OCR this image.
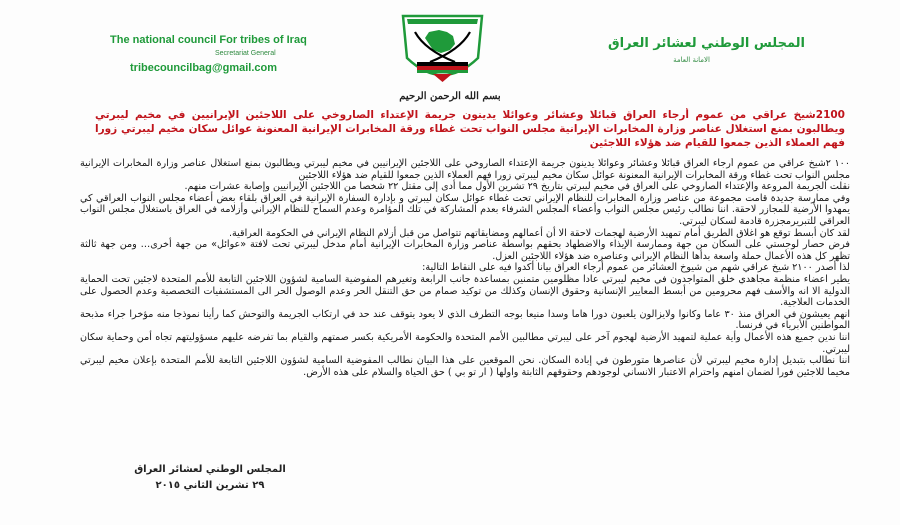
The national council For tribes of Iraq
Secretariat General
tribecouncilbag@gmail.com
المجلس الوطني لعشائر العراق
الامانة العامة
بسم الله الرحمن الرحيم
2100شيخ عراقي من عموم أرجاء العراق قبائلا وعشائر وعوائلا يدينون جريمة الإعتداء الصاروخي على اللاجئين الإيرانيين في مخيم ليبرتي ويطالبون بمنع استغلال عناصر وزارة المخابرات الإيرانية مجلس النواب تحت غطاء ورقة المخابرات الإيرانية المعنونة عوائل سكان مخيم ليبرتي زورا فهم العملاء الذين جمعوا للقيام ضد هؤلاء اللاجئين

١٠٠ ٢شيخ عراقي من عموم أرجاء العراق قبائلا وعشائر وعوائلا يدينون جريمة الإعتداء الصاروخي على اللاجئين الإيرانيين في مخيم ليبرتي ويطالبون بمنع استغلال عناصر وزارة المخابرات الإيرانية مجلس النواب تحت غطاء ورقة المخابرات الإيرانية المعنونة عوائل سكان مخيم ليبرتي زورا فهم العملاء الذين جمعوا للقيام ضد هؤلاء اللاجئين

نقلت الجريمة المروعة والإعتداء الصاروخي على العراق في مخيم ليبرتي بتاريخ ٢٩ تشرين الأول مما أدى إلى مقتل ٢٢ شخصا من اللاجئين الإيرانيين وإصابة عشرات منهم.

وفي ممارسة جديدة قامت مجموعة من عناصر وزارة المخابرات للنظام الإيراني تحت غطاء عوائل سكان ليبرتي و بإدارة السفارة الإيرانية في العراق بلقاء بعض أعضاء مجلس النواب العراقي كي يمهدوا الأرضية للمجازر لاحقة. اننا نطالب رئيس مجلس النواب وأعضاء المجلس الشرفاء بعدم المشاركة في تلك المؤامرة وعدم السماح للنظام الإيراني وأزلامه في العراق باستغلال مجلس النواب العراقي للتبريرمجزرة قادمة لسكان ليبرتي.

لقد كان أبسط توقع هو اغلاق الطريق أمام تمهيد الأرضية لهجمات لاحقة الا أن أعمالهم ومضايقاتهم تتواصل من قبل أزلام النظام الإيراني في الحكومة العراقية.

فرض حصار لوجستي على السكان من جهة وممارسة الإيذاء والاضطهاد بحقهم بواسطة عناصر وزارة المخابرات الإيرانية أمام مدخل ليبرتي تحت لافتة «عوائل» من جهة أخرى… ومن جهة ثالثة تظهر كل هذه الأعمال حملة واسعة بدأها النظام الإيراني وعناصره ضد هؤلاء اللاجئين العزل.

لذا أصدر ٢١٠٠ شيخ عراقي شهم من شيوخ العشائر من عموم أرجاء العراق بيانا أكدوا فيه على النقاط التالية:

يطير اعضاء منظمة مجاهدي خلق المتواجدون في مخيم ليبرتي عادا مظلومين متمنين بمساعدة جانب الرابعة وتغيرهم المفوضية السامية لشؤون اللاجئين التابعة للأمم المتحدة لاجئين تحت الحماية الدولية الا انه والأسف فهم محرومين من أبسط المعايير الإنسانية وحقوق الإنسان وكذلك من توكيد صمام من حق التنقل الحر وعدم الوصول الحر الى المستشفيات التخصصية وعدم الحصول على الخدمات العلاجية.

انهم يعيشون في العراق منذ ٣٠ عاما وكانوا ولايزالون يلعبون دورا هاما وسدا منيعا بوجه التطرف الذي لا يعود يتوقف عند حد في ارتكاب الجريمة والتوحش كما رأينا نموذجا منه مؤخرا جراء مذبحة المواطنين الأبرياء في فرنسا.

اننا ندين جميع هذه الأعمال وأية عملية لتمهيد الأرضية لهجوم آخر على ليبرتي مطالبين الأمم المتحدة والحكومة الأمريكية بكسر صمتهم والقيام بما تفرضه عليهم مسؤوليتهم تجاه أمن وحماية سكان ليبرتي.

اننا نطالب بتبديل إدارة مخيم ليبرتي لأن عناصرها متورطون في إبادة السكان. نحن الموقعين على هذا البيان نطالب المفوضية السامية لشؤون اللاجئين التابعة للأمم المتحدة بإعلان مخيم ليبرتي مخيما للاجئين فورا لضمان امنهم واحترام الاعتبار الانساني لوجودهم وحقوقهم الثابتة واولها ( ار تو بي ) حق الحياة والسلام على هذه الأرض.

المجلس الوطني لعشائر العراق
٢٩ تشرين الثاني ٢٠١٥
